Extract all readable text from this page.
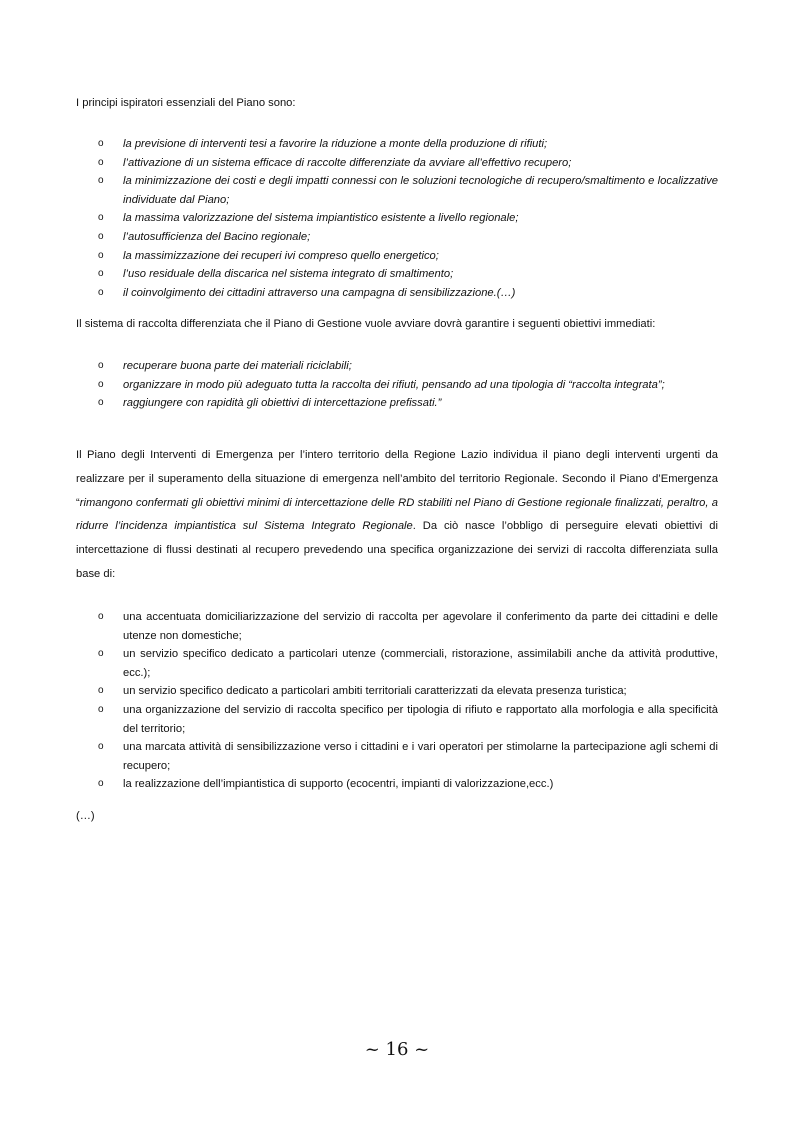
I principi ispiratori essenziali del Piano sono:

o la previsione di interventi tesi a favorire la riduzione a monte della produzione di rifiuti;
o l’attivazione di un sistema efficace di raccolte differenziate da avviare all’effettivo recupero;
o la minimizzazione dei costi e degli impatti connessi con le soluzioni tecnologiche di recupero/smaltimento e localizzative individuate dal Piano;
o la massima valorizzazione del sistema impiantistico esistente a livello regionale;
o l’autosufficienza del Bacino regionale;
o la massimizzazione dei recuperi ivi compreso quello energetico;
o l’uso residuale della discarica nel sistema integrato di smaltimento;
o il coinvolgimento dei cittadini attraverso una campagna di sensibilizzazione.(…)

Il sistema di raccolta differenziata che il Piano di Gestione vuole avviare dovrà garantire i seguenti obiettivi immediati:

o recuperare buona parte dei materiali riciclabili;
o organizzare in modo più adeguato tutta la raccolta dei rifiuti, pensando ad una tipologia di “raccolta integrata”;
o raggiungere con rapidità gli obiettivi di intercettazione prefissati.”

Il Piano degli Interventi di Emergenza per l’intero territorio della Regione Lazio individua il piano degli interventi urgenti da realizzare per il superamento della situazione di emergenza nell’ambito del territorio Regionale. Secondo il Piano d’Emergenza “rimangono confermati gli obiettivi minimi di intercettazione delle RD stabiliti nel Piano di Gestione regionale finalizzati, peraltro, a ridurre l’incidenza impiantistica sul Sistema Integrato Regionale. Da ciò nasce l’obbligo di perseguire elevati obiettivi di intercettazione di flussi destinati al recupero prevedendo una specifica organizzazione dei servizi di raccolta differenziata sulla base di:

o una accentuata domiciliarizzazione del servizio di raccolta per agevolare il conferimento da parte dei cittadini e delle utenze non domestiche;
o un servizio specifico dedicato a particolari utenze (commerciali, ristorazione, assimilabili anche da attività produttive, ecc.);
o un servizio specifico dedicato a particolari ambiti territoriali caratterizzati da elevata presenza turistica;
o una organizzazione del servizio di raccolta specifico per tipologia di rifiuto e rapportato alla morfologia e alla specificità del territorio;
o una marcata attività di sensibilizzazione verso i cittadini e i vari operatori per stimolarne la partecipazione agli schemi di recupero;
o la realizzazione dell’impiantistica di supporto (ecocentri, impianti di valorizzazione,ecc.)

(…)

~ 16 ~
